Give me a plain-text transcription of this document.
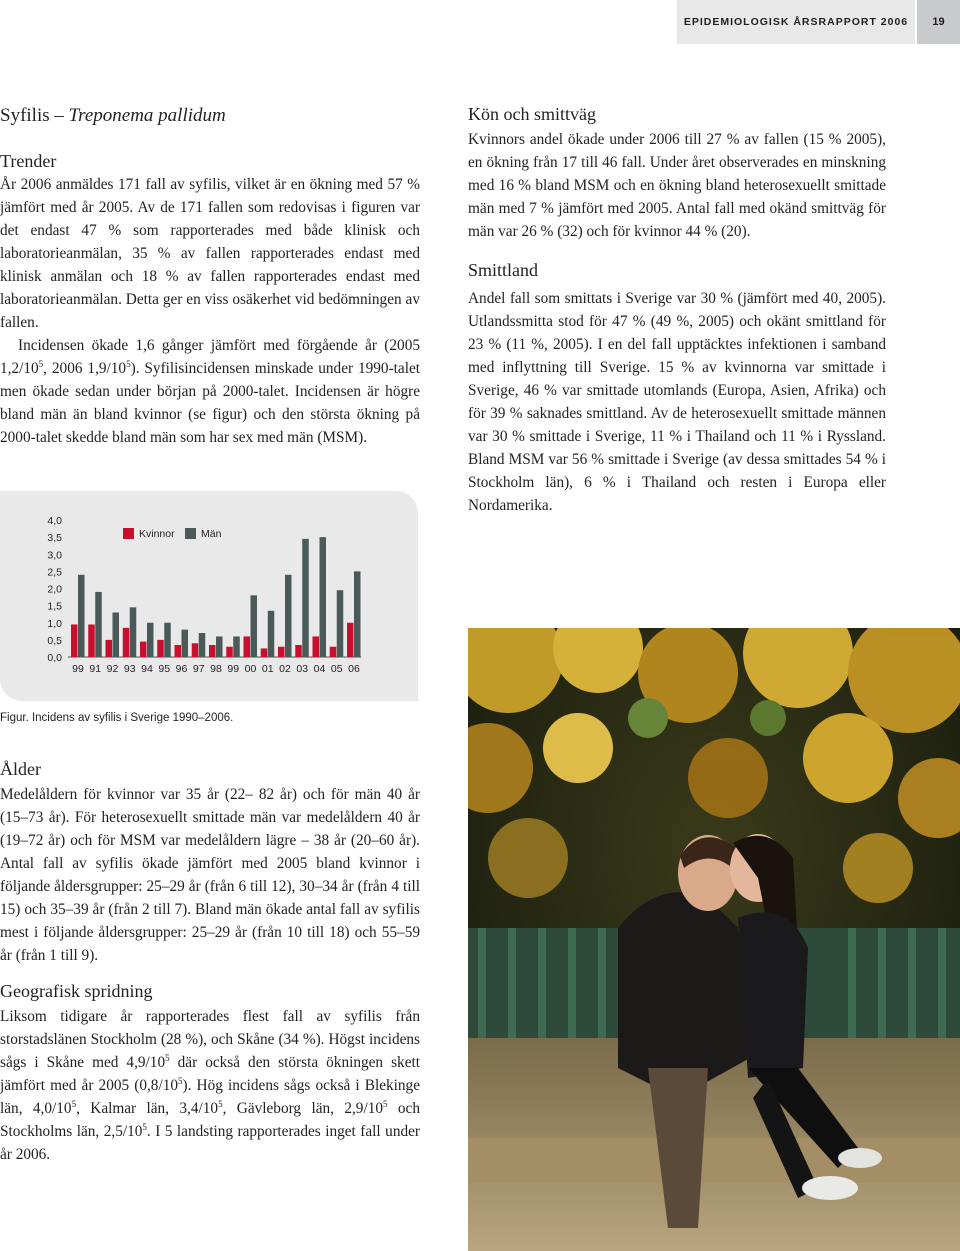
EPIDEMIOLOGISK ÅRSRAPPORT 2006	19
Syfilis – Treponema pallidum
Trender

År 2006 anmäldes 171 fall av syfilis, vilket är en ökning med 57 % jämfört med år 2005. Av de 171 fallen som redovisas i figuren var det endast 47 % som rapporterades med både klinisk och laboratorieanmälan, 35 % av fallen rapporterades endast med klinisk anmälan och 18 % av fallen rapporterades endast med laboratorieanmälan. Detta ger en viss osäkerhet vid bedömningen av fallen.

Incidensen ökade 1,6 gånger jämfört med förgående år (2005 $1,2/10^5$, 2006 $1,9/10^5$). Syfilisincidensen minskade under 1990-talet men ökade sedan under början på 2000-talet. Incidensen är högre bland män än bland kvinnor (se figur) och den största ökning på 2000-talet skedde bland män som har sex med män (MSM).

0,0
0,5
1,0
1,5
2,0
2,5
3,0
3,5
4,0
99 91 92 93 94 95 96 97 98 99 00 01 02 03 04 05 06
Kvinnor	Män
Figur. Incidens av syfilis i Sverige 1990–2006.
Ålder

Medelåldern för kvinnor var 35 år (22– 82 år) och för män 40 år (15–73 år). För heterosexuellt smittade män var medelåldern 40 år (19–72 år) och för MSM var medelåldern lägre – 38 år (20–60 år). Antal fall av syfilis ökade jämfört med 2005 bland kvinnor i följande åldersgrupper: 25–29 år (från 6 till 12), 30–34 år (från 4 till 15) och 35–39 år (från 2 till 7). Bland män ökade antal fall av syfilis mest i följande åldersgrupper: 25–29 år (från 10 till 18) och 55–59 år (från 1 till 9).

Geografisk spridning

Liksom tidigare år rapporterades flest fall av syfilis från storstadslänen Stockholm (28 %), och Skåne (34 %). Högst incidens sågs i Skåne med $4,9/10^5$ där också den största ökningen skett jämfört med år 2005 $(0,8/10^5)$. Hög incidens sågs också i Blekinge län, $4,0/10^5$, Kalmar län, $3,4/10^5$, Gävleborg län, $2,9/10^5$ och Stockholms län, $2,5/10^5$. I 5 landsting rapporterades inget fall under år 2006.

Kön och smittväg

Kvinnors andel ökade under 2006 till 27 % av fallen (15 % 2005), en ökning från 17 till 46 fall. Under året observerades en minskning med 16 % bland MSM och en ökning bland heterosexuellt smittade män med 7 % jämfört med 2005. Antal fall med okänd smittväg för män var 26 % (32) och för kvinnor 44 % (20).

Smittland

Andel fall som smittats i Sverige var 30 % (jämfört med 40, 2005). Utlandssmitta stod för 47 % (49 %, 2005) och okänt smittland för 23 % (11 %, 2005). I en del fall upptäcktes infektionen i samband med inflyttning till Sverige. 15 % av kvinnorna var smittade i Sverige, 46 % var smittade utomlands (Europa, Asien, Afrika) och för 39 % saknades smittland. Av de heterosexuellt smittade männen var 30 % smittade i Sverige, 11 % i Thailand och 11 % i Ryssland. Bland MSM var 56 % smittade i Sverige (av dessa smittades 54 % i Stockholm län), 6 % i Thailand och resten i Europa eller Nordamerika.
